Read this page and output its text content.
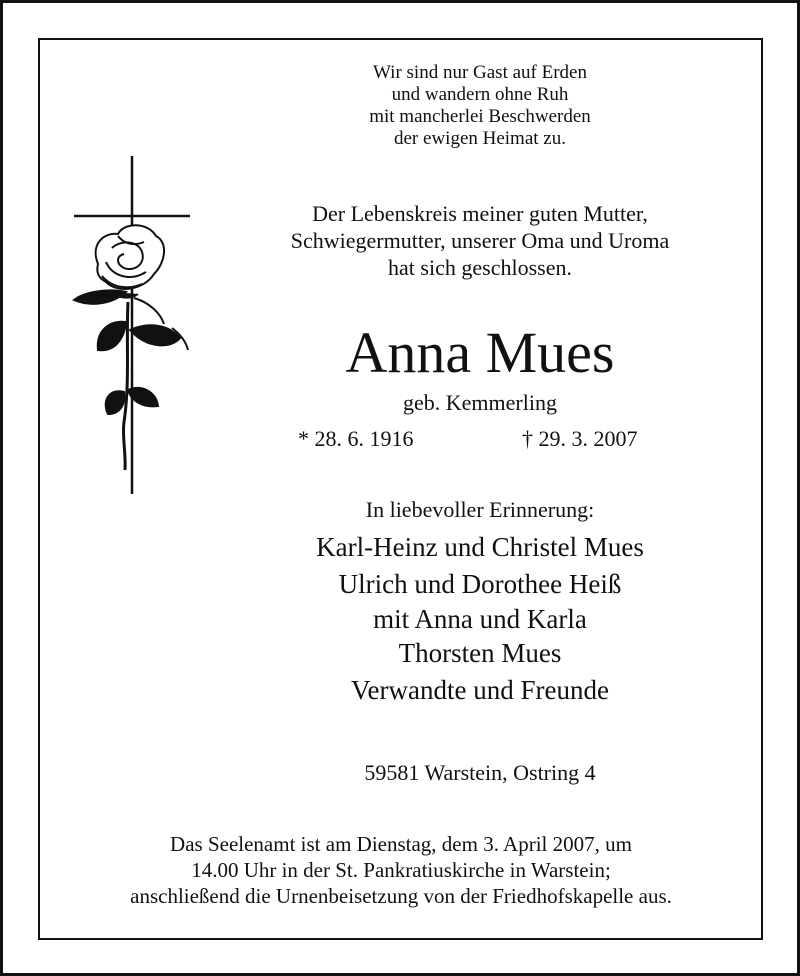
Wir sind nur Gast auf Erden
und wandern ohne Ruh
mit mancherlei Beschwerden
der ewigen Heimat zu.
Der Lebenskreis meiner guten Mutter,
Schwiegermutter, unserer Oma und Uroma
hat sich geschlossen.
Anna Mues
geb. Kemmerling
* 28. 6. 1916	† 29. 3. 2007
In liebevoller Erinnerung:
Karl-Heinz und Christel Mues
Ulrich und Dorothee Heiß
mit Anna und Karla
Thorsten Mues
Verwandte und Freunde
59581 Warstein, Ostring 4
Das Seelenamt ist am Dienstag, dem 3. April 2007, um
14.00 Uhr in der St. Pankratiuskirche in Warstein;
anschließend die Urnenbeisetzung von der Friedhofskapelle aus.
